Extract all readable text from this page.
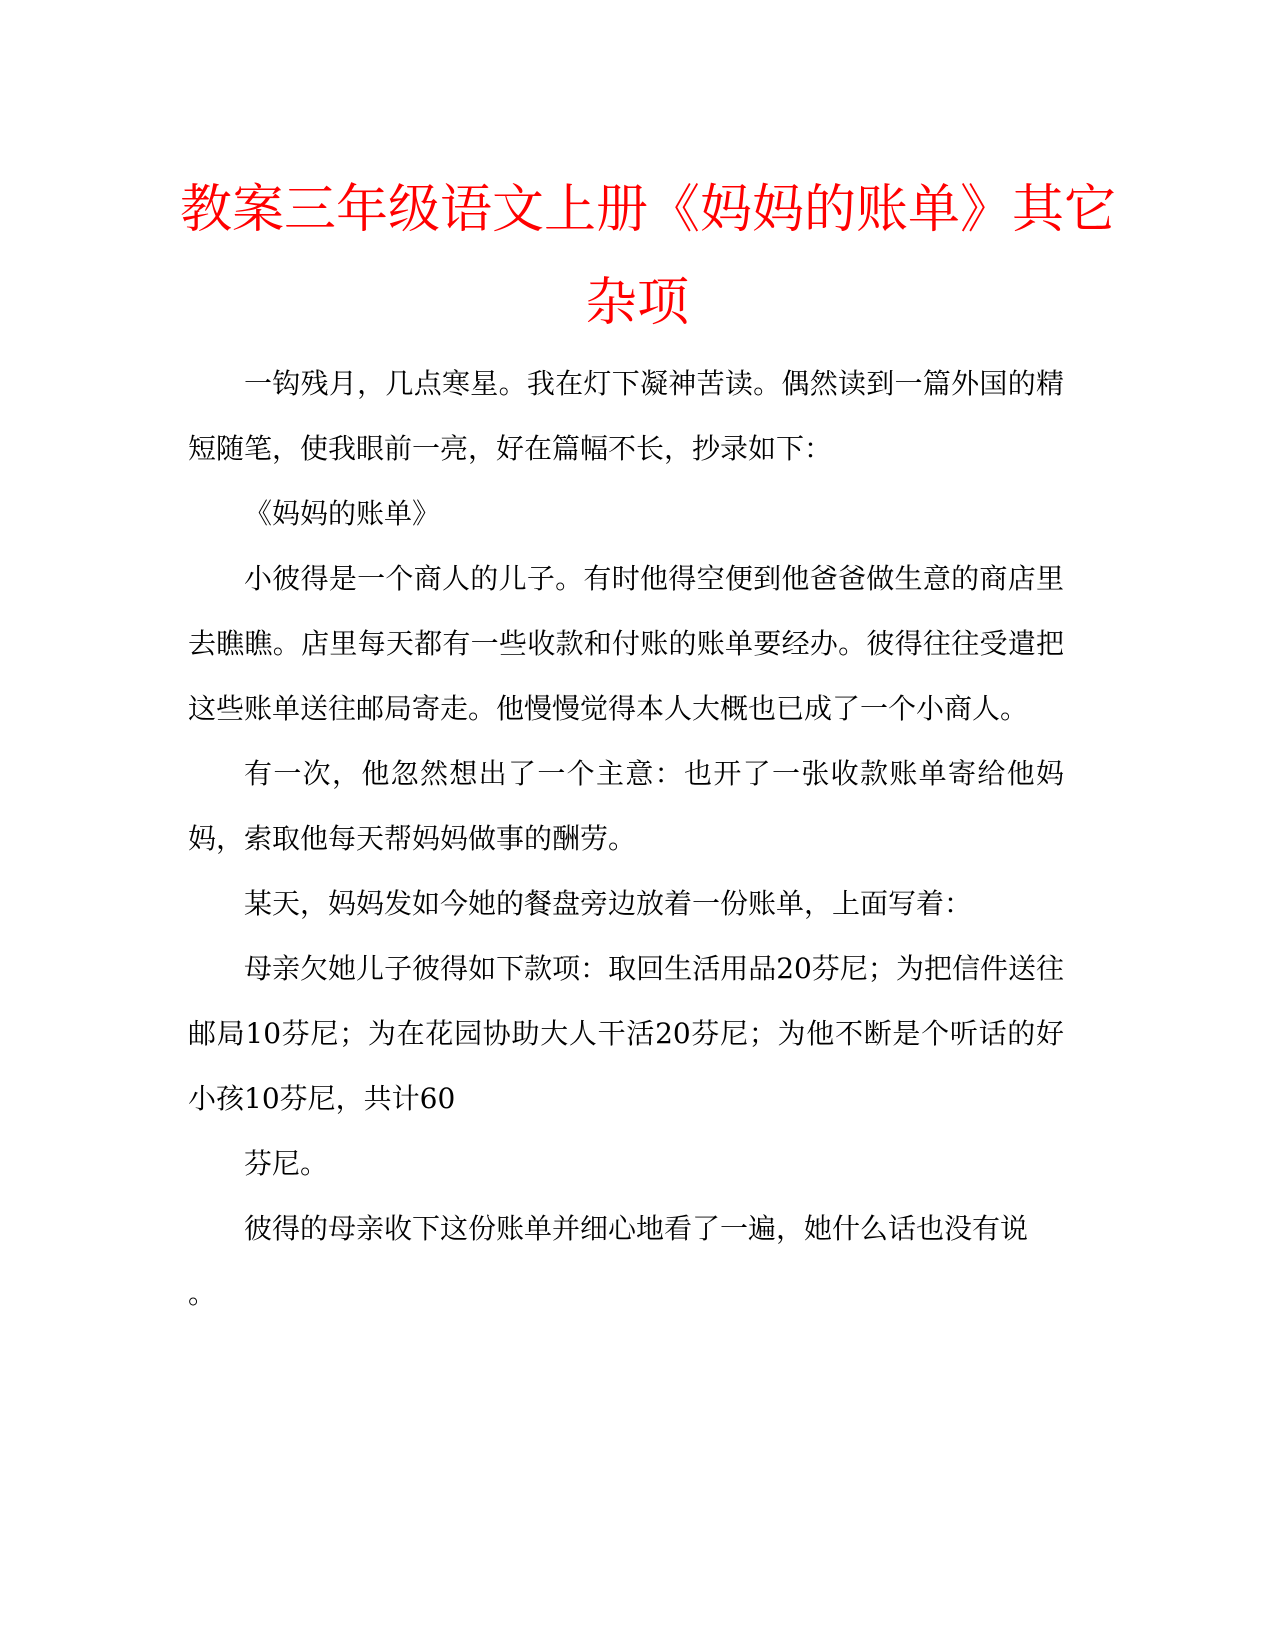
教案三年级语文上册《妈妈的账单》其它
杂项

一钩残月，几点寒星。我在灯下凝神苦读。偶然读到一篇外国的精短随笔，使我眼前一亮，好在篇幅不长，抄录如下：

《妈妈的账单》

小彼得是一个商人的儿子。有时他得空便到他爸爸做生意的商店里去瞧瞧。店里每天都有一些收款和付账的账单要经办。彼得往往受遣把这些账单送往邮局寄走。他慢慢觉得本人大概也已成了一个小商人。

有一次，他忽然想出了一个主意：也开了一张收款账单寄给他妈妈，索取他每天帮妈妈做事的酬劳。

某天，妈妈发如今她的餐盘旁边放着一份账单，上面写着：

母亲欠她儿子彼得如下款项：取回生活用品20芬尼；为把信件送往邮局10芬尼；为在花园协助大人干活20芬尼；为他不断是个听话的好小孩10芬尼，共计60

芬尼。

彼得的母亲收下这份账单并细心地看了一遍，她什么话也没有说

。
